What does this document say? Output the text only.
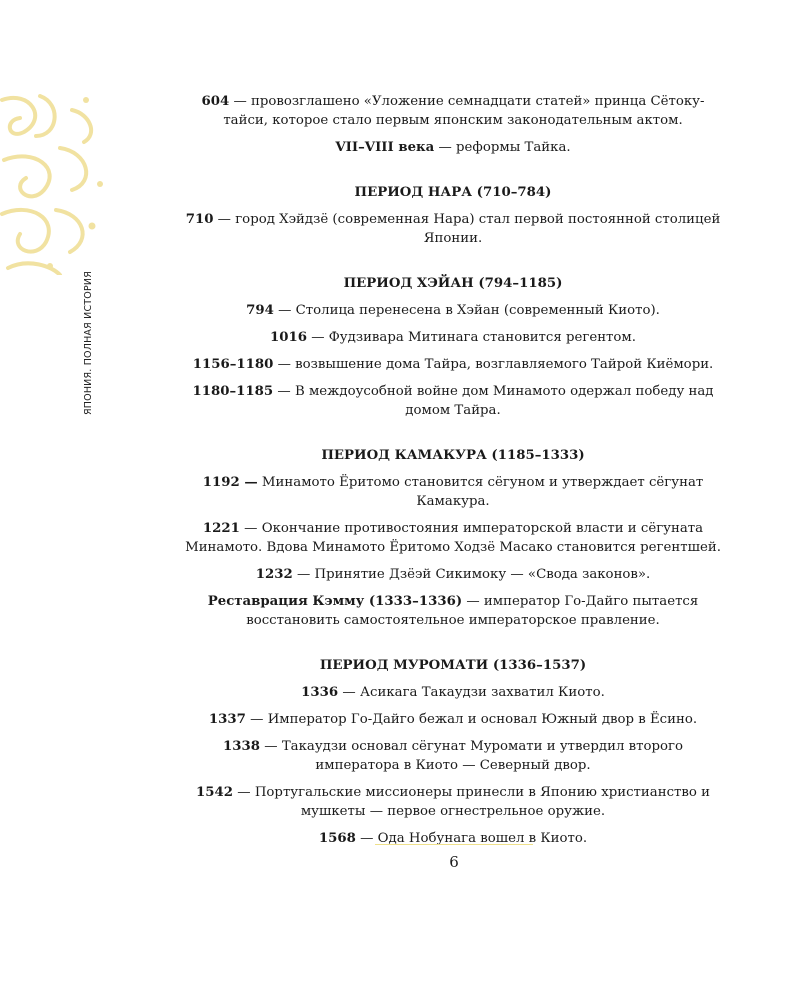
ЯПОНИЯ. ПОЛНАЯ ИСТОРИЯ

604 — провозглашено «Уложение семнадцати статей» принца Сётоку-тайси, которое стало первым японским законодательным актом.

VII–VIII века — реформы Тайка.

ПЕРИОД НАРА (710–784)

710 — город Хэйдзё (современная Нара) стал первой постоянной столицей Японии.

ПЕРИОД ХЭЙАН (794–1185)

794 — Столица перенесена в Хэйан (современный Киото).

1016 — Фудзивара Митинага становится регентом.

1156–1180 — возвышение дома Тайра, возглавляемого Тайрой Киёмори.

1180–1185 — В междоусобной войне дом Минамото одержал победу над домом Тайра.

ПЕРИОД КАМАКУРА (1185–1333)

1192 — Минамото Ёритомо становится сёгуном и утверждает сёгунат Камакура.

1221 — Окончание противостояния императорской власти и сёгуната Минамото. Вдова Минамото Ёритомо Ходзё Масако становится регентшей.

1232 — Принятие Дзёэй Сикимоку — «Свода законов».

Реставрация Кэмму (1333–1336) — император Го-Дайго пытается восстановить самостоятельное императорское правление.

ПЕРИОД МУРОМАТИ (1336–1537)

1336 — Асикага Такаудзи захватил Киото.

1337 — Император Го-Дайго бежал и основал Южный двор в Ёсино.

1338 — Такаудзи основал сёгунат Муромати и утвердил второго императора в Киото — Северный двор.

1542 — Португальские миссионеры принесли в Японию христианство и мушкеты — первое огнестрельное оружие.

1568 — Ода Нобунага вошел в Киото.

6
